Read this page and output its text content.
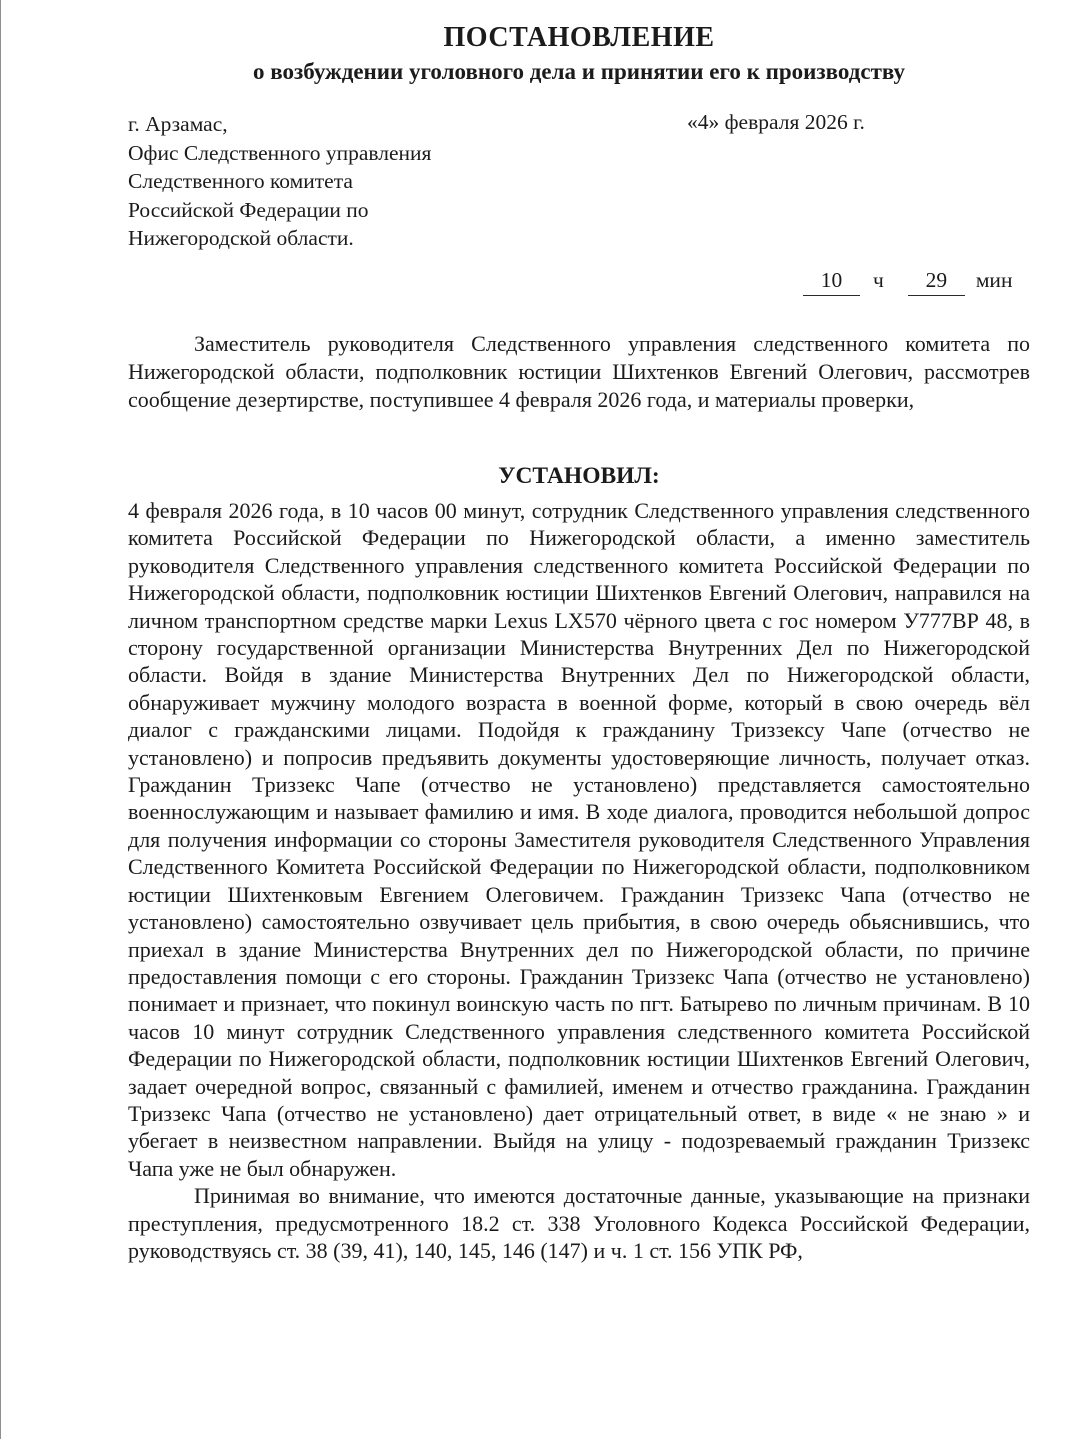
ПОСТАНОВЛЕНИЕ
о возбуждении уголовного дела и принятии его к производству
г. Арзамас,
Офис Следственного управления
Следственного комитета
Российской Федерации по
Нижегородской области.
«4» февраля 2026 г.
10	ч	29	мин

Заместитель руководителя Следственного управления следственного комитета по Нижегородской области, подполковник юстиции Шихтенков Евгений Олегович, рассмотрев сообщение дезертирстве, поступившее 4 февраля 2026 года, и материалы проверки,

УСТАНОВИЛ:

4 февраля 2026 года, в 10 часов 00 минут, сотрудник Следственного управления следственного комитета Российской Федерации по Нижегородской области, а именно заместитель руководителя Следственного управления следственного комитета Российской Федерации по Нижегородской области, подполковник юстиции Шихтенков Евгений Олегович, направился на личном транспортном средстве марки Lexus LX570 чёрного цвета с гос номером У777ВР 48, в сторону государственной организации Министерства Внутренних Дел по Нижегородской области. Войдя в здание Министерства Внутренних Дел по Нижегородской области, обнаруживает мужчину молодого возраста в военной форме, который в свою очередь вёл диалог с гражданскими лицами. Подойдя к гражданину Триззексу Чапе (отчество не установлено) и попросив предъявить документы удостоверяющие личность, получает отказ. Гражданин Триззекс Чапе (отчество не установлено) представляется самостоятельно военнослужающим и называет фамилию и имя. В ходе диалога, проводится небольшой допрос для получения информации со стороны Заместителя руководителя Следственного Управления Следственного Комитета Российской Федерации по Нижегородской области, подполковником юстиции Шихтенковым Евгением Олеговичем. Гражданин Триззекс Чапа (отчество не установлено) самостоятельно озвучивает цель прибытия, в свою очередь обьяснившись, что приехал в здание Министерства Внутренних дел по Нижегородской области, по причине предоставления помощи с его стороны. Гражданин Триззекс Чапа (отчество не установлено) понимает и признает, что покинул воинскую часть по пгт. Батырево по личным причинам. В 10 часов 10 минут сотрудник Следственного управления следственного комитета Российской Федерации по Нижегородской области, подполковник юстиции Шихтенков Евгений Олегович, задает очередной вопрос, связанный с фамилией, именем и отчество гражданина. Гражданин Триззекс Чапа (отчество не установлено) дает отрицательный ответ, в виде « не знаю » и убегает в неизвестном направлении. Выйдя на улицу - подозреваемый гражданин Триззекс Чапа уже не был обнаружен.

Принимая во внимание, что имеются достаточные данные, указывающие на признаки преступления, предусмотренного 18.2 ст. 338 Уголовного Кодекса Российской Федерации, руководствуясь ст. 38 (39, 41), 140, 145, 146 (147) и ч. 1 ст. 156 УПК РФ,
